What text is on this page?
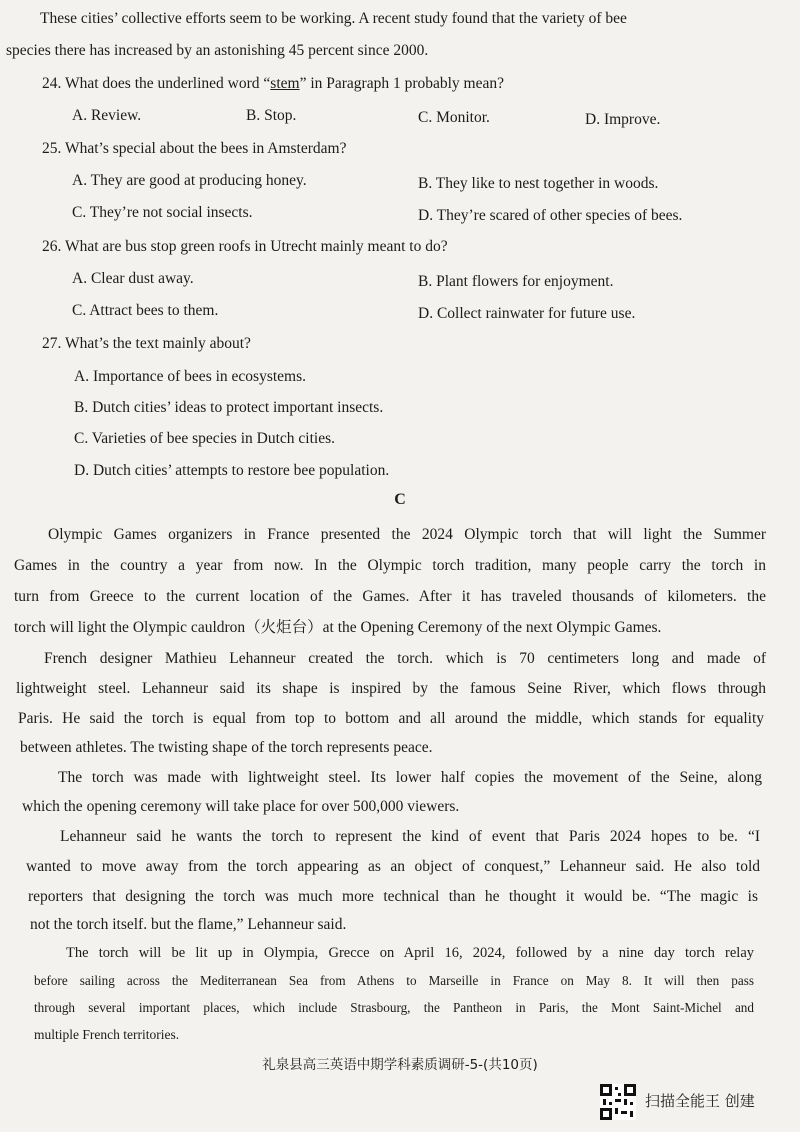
These cities’ collective efforts seem to be working. A recent study found that the variety of bee
species there has increased by an astonishing 45 percent since 2000.
24. What does the underlined word “stem” in Paragraph 1 probably mean?
A. Review.	B. Stop.	C. Monitor.	D. Improve.
25. What’s special about the bees in Amsterdam?
A. They are good at producing honey.	B. They like to nest together in woods.
C. They’re not social insects.	D. They’re scared of other species of bees.
26. What are bus stop green roofs in Utrecht mainly meant to do?
A. Clear dust away.	B. Plant flowers for enjoyment.
C. Attract bees to them.	D. Collect rainwater for future use.
27. What’s the text mainly about?
A. Importance of bees in ecosystems.
B. Dutch cities’ ideas to protect important insects.
C. Varieties of bee species in Dutch cities.
D. Dutch cities’ attempts to restore bee population.
C
Olympic Games organizers in France presented the 2024 Olympic torch that will light the Summer
Games in the country a year from now. In the Olympic torch tradition, many people carry the torch in
turn from Greece to the current location of the Games. After it has traveled thousands of kilometers. the
torch will light the Olympic cauldron（火炬台）at the Opening Ceremony of the next Olympic Games.
French designer Mathieu Lehanneur created the torch. which is 70 centimeters long and made of
lightweight steel. Lehanneur said its shape is inspired by the famous Seine River, which flows through
Paris. He said the torch is equal from top to bottom and all around the middle, which stands for equality
between athletes. The twisting shape of the torch represents peace.
The torch was made with lightweight steel. Its lower half copies the movement of the Seine, along
which the opening ceremony will take place for over 500,000 viewers.
Lehanneur said he wants the torch to represent the kind of event that Paris 2024 hopes to be. “I
wanted to move away from the torch appearing as an object of conquest,” Lehanneur said. He also told
reporters that designing the torch was much more technical than he thought it would be. “The magic is
not the torch itself. but the flame,” Lehanneur said.
The torch will be lit up in Olympia, Grecce on April 16, 2024, followed by a nine day torch relay
before sailing across the Mediterranean Sea from Athens to Marseille in France on May 8. It will then pass
through several important places, which include Strasbourg, the Pantheon in Paris, the Mont Saint-Michel and
multiple French territories.
礼泉县高三英语中期学科素质调研-5-(共10页)
扫描全能王 创建
